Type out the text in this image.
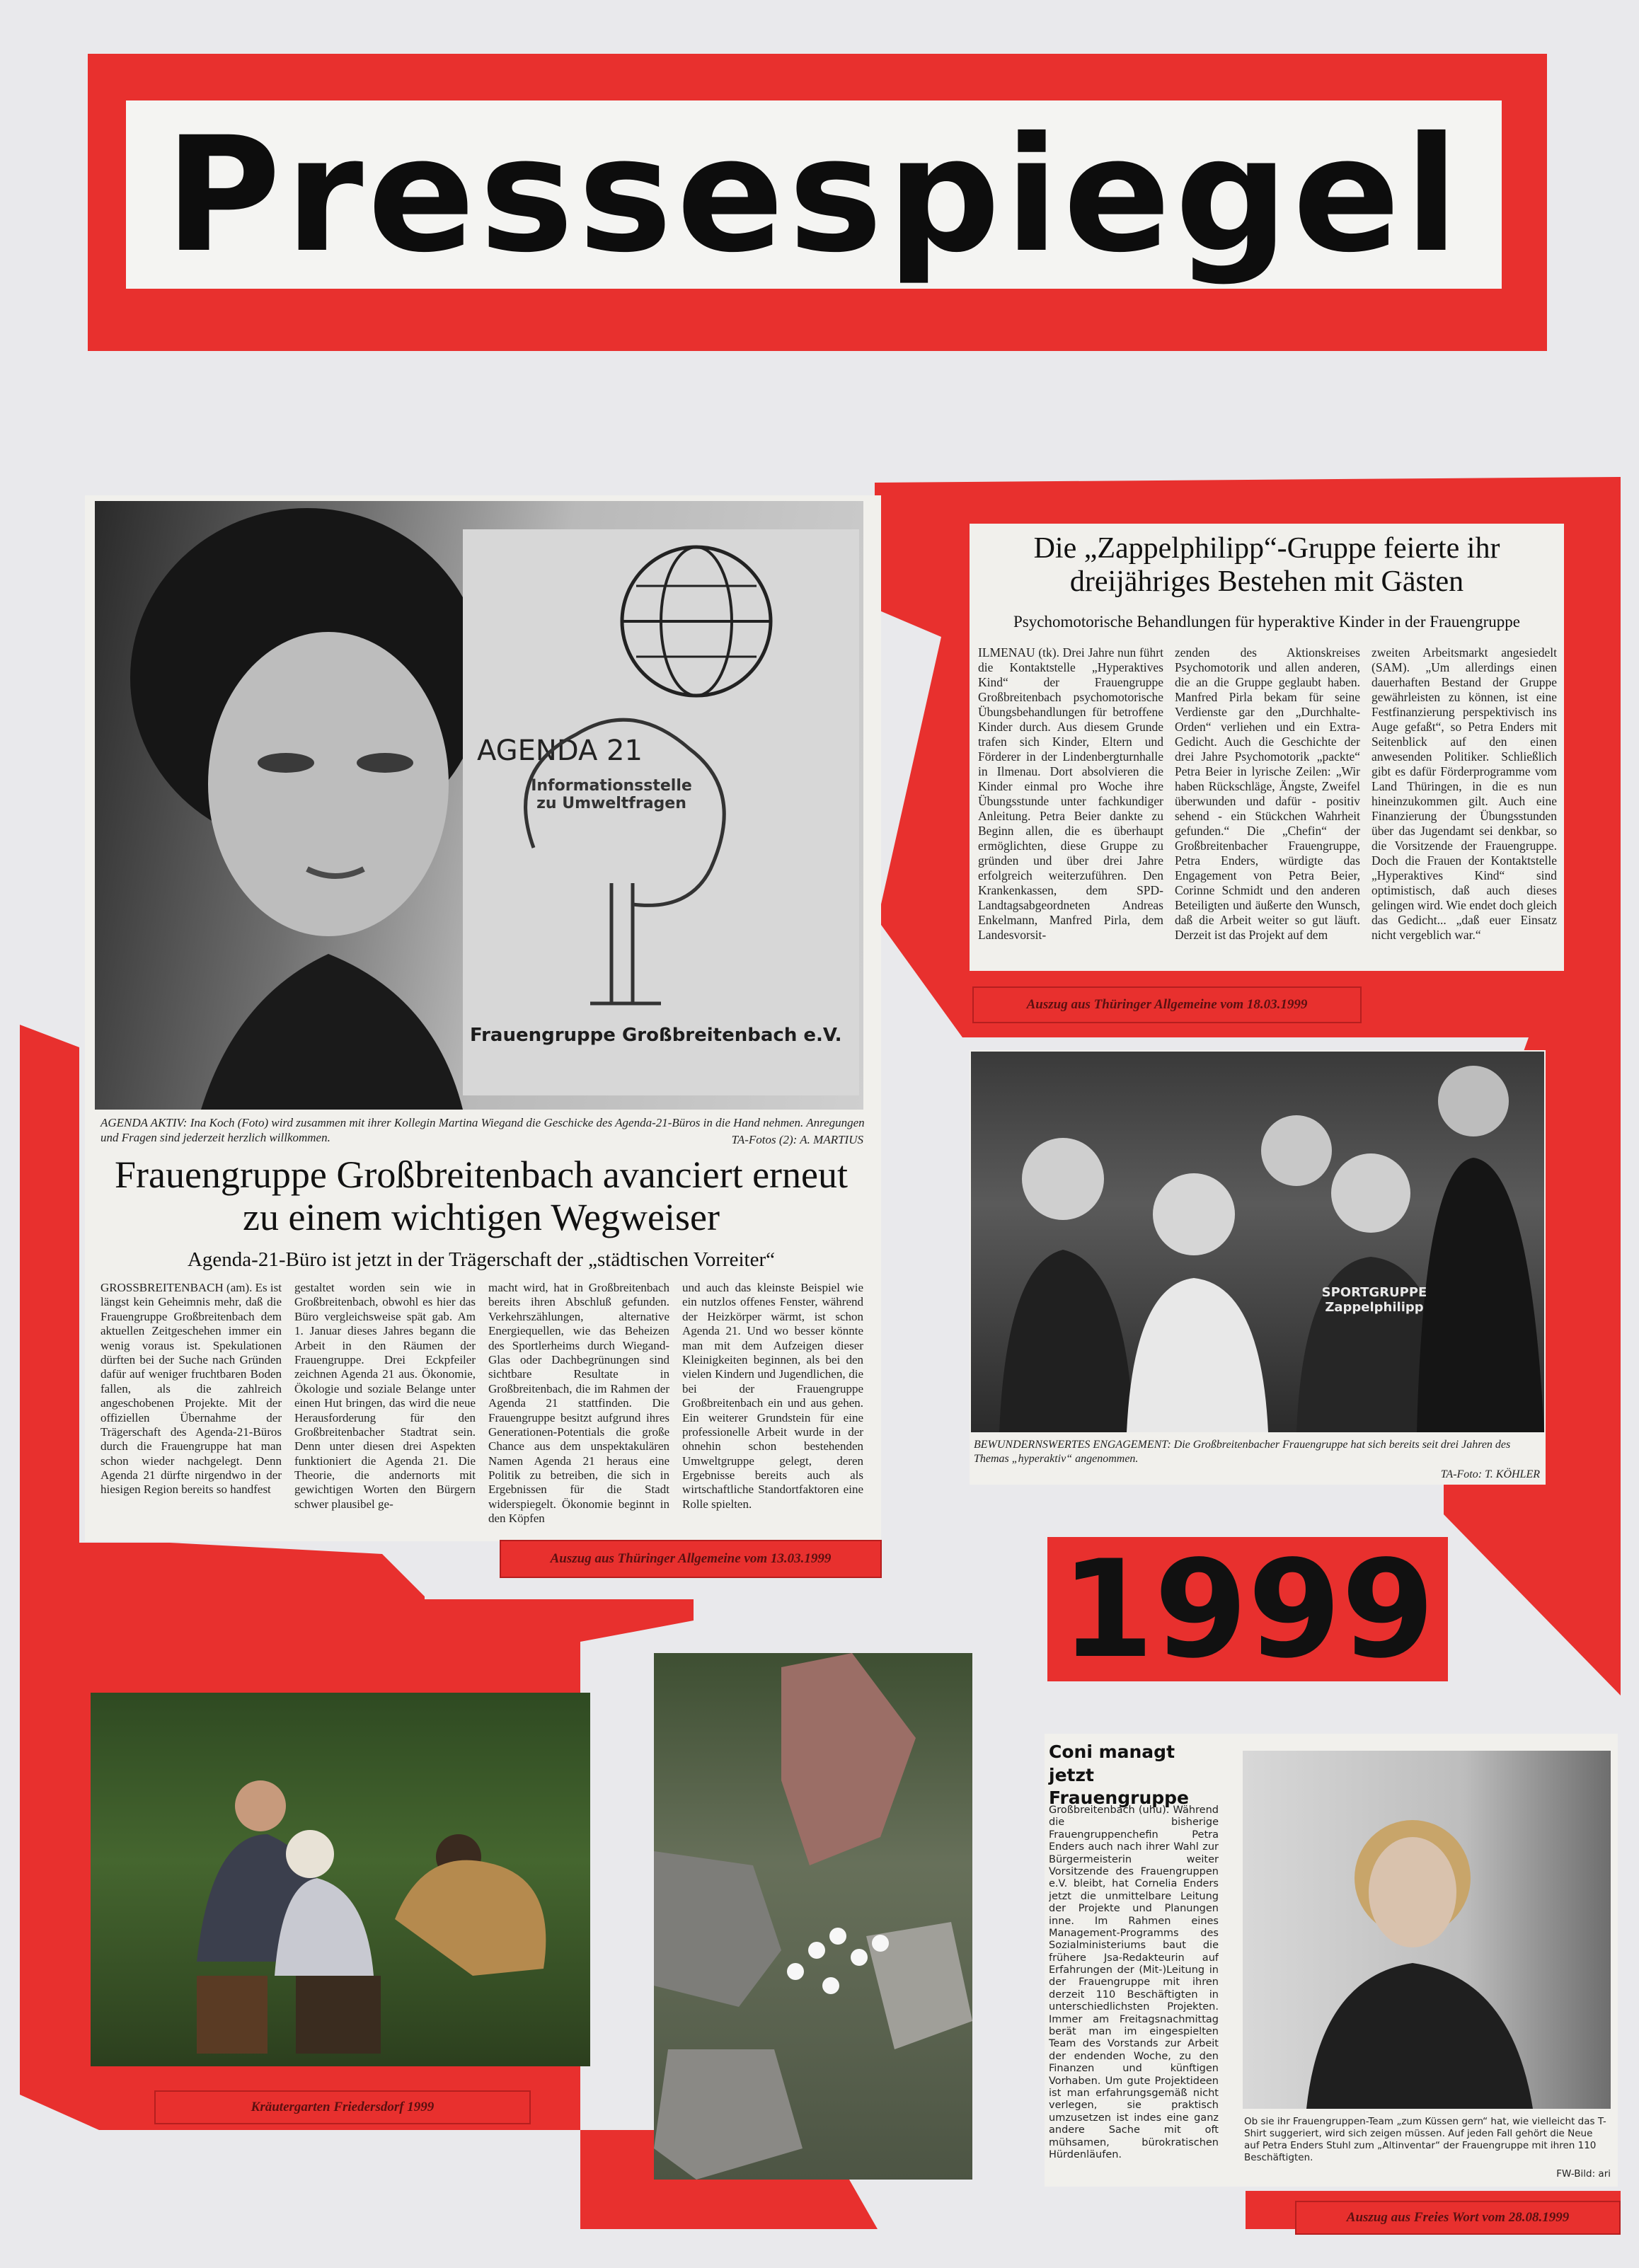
Pressespiegel
AGENDA 21
Informationsstelle zu Umweltfragen
Frauengruppe Großbreitenbach e.V.
AGENDA AKTIV: Ina Koch (Foto) wird zusammen mit ihrer Kollegin Martina Wiegand die Geschicke des Agenda-21-Büros in die Hand nehmen. Anregungen und Fragen sind jederzeit herzlich willkommen.	TA-Fotos (2): A. MARTIUS
Frauengruppe Großbreitenbach avanciert erneut zu einem wichtigen Wegweiser
Agenda-21-Büro ist jetzt in der Trägerschaft der „städtischen Vorreiter“
GROSSBREITENBACH (am). Es ist längst kein Geheimnis mehr, daß die Frauengruppe Großbreitenbach dem aktuellen Zeitgeschehen immer ein wenig voraus ist. Spekulationen dürften bei der Suche nach Gründen dafür auf weniger fruchtbaren Boden fallen, als die zahlreich angeschobenen Projekte. Mit der offiziellen Übernahme der Trägerschaft des Agenda-21-Büros durch die Frauengruppe hat man schon wieder nachgelegt. Denn Agenda 21 dürfte nirgendwo in der hiesigen Region bereits so handfest
gestaltet worden sein wie in Großbreitenbach, obwohl es hier das Büro vergleichsweise spät gab. Am 1. Januar dieses Jahres begann die Arbeit in den Räumen der Frauengruppe. Drei Eckpfeiler zeichnen Agenda 21 aus. Ökonomie, Ökologie und soziale Belange unter einen Hut bringen, das wird die neue Herausforderung für den Großbreitenbacher Stadtrat sein. Denn unter diesen drei Aspekten funktioniert die Agenda 21. Die Theorie, die andernorts mit gewichtigen Worten den Bürgern schwer plausibel ge-
macht wird, hat in Großbreitenbach bereits ihren Abschluß gefunden. Verkehrszählungen, alternative Energiequellen, wie das Beheizen des Sportlerheims durch Wiegand-Glas oder Dachbegrünungen sind sichtbare Resultate in Großbreitenbach, die im Rahmen der Agenda 21 stattfinden. Die Frauengruppe besitzt aufgrund ihres Generationen-Potentials die große Chance aus dem unspektakulären Namen Agenda 21 heraus eine Politik zu betreiben, die sich in Ergebnissen für die Stadt widerspiegelt. Ökonomie beginnt in den Köpfen
und auch das kleinste Beispiel wie ein nutzlos offenes Fenster, während der Heizkörper wärmt, ist schon Agenda 21. Und wo besser könnte man mit dem Aufzeigen dieser Kleinigkeiten beginnen, als bei den vielen Kindern und Jugendlichen, die bei der Frauengruppe Großbreitenbach ein und aus gehen. Ein weiterer Grundstein für eine professionelle Arbeit wurde in der ohnehin schon bestehenden Umweltgruppe gelegt, deren Ergebnisse bereits auch als wirtschaftliche Standortfaktoren eine Rolle spielten.
Auszug aus Thüringer Allgemeine vom 13.03.1999
Die „Zappelphilipp“-Gruppe feierte ihr dreijähriges Bestehen mit Gästen
Psychomotorische Behandlungen für hyperaktive Kinder in der Frauengruppe
ILMENAU (tk). Drei Jahre nun führt die Kontaktstelle „Hyperaktives Kind“ der Frauengruppe Großbreitenbach psychomotorische Übungsbehandlungen für betroffene Kinder durch. Aus diesem Grunde trafen sich Kinder, Eltern und Förderer in der Lindenbergturnhalle in Ilmenau. Dort absolvieren die Kinder einmal pro Woche ihre Übungsstunde unter fachkundiger Anleitung. Petra Beier dankte zu Beginn allen, die es überhaupt ermöglichten, diese Gruppe zu gründen und über drei Jahre erfolgreich weiterzuführen. Den Krankenkassen, dem SPD-Landtagsabgeordneten Andreas Enkelmann, Manfred Pirla, dem Landesvorsit-
zenden des Aktionskreises Psychomotorik und allen anderen, die an die Gruppe geglaubt haben. Manfred Pirla bekam für seine Verdienste gar den „Durchhalte-Orden“ verliehen und ein Extra-Gedicht. Auch die Geschichte der drei Jahre Psychomotorik „packte“ Petra Beier in lyrische Zeilen: „Wir haben Rückschläge, Ängste, Zweifel überwunden und dafür - positiv sehend - ein Stückchen Wahrheit gefunden.“ Die „Chefin“ der Großbreitenbacher Frauengruppe, Petra Enders, würdigte das Engagement von Petra Beier, Corinne Schmidt und den anderen Beteiligten und äußerte den Wunsch, daß die Arbeit weiter so gut läuft. Derzeit ist das Projekt auf dem
zweiten Arbeitsmarkt angesiedelt (SAM). „Um allerdings einen dauerhaften Bestand der Gruppe gewährleisten zu können, ist eine Festfinanzierung perspektivisch ins Auge gefaßt“, so Petra Enders mit Seitenblick auf den einen anwesenden Politiker. Schließlich gibt es dafür Förderprogramme vom Land Thüringen, in die es nun hineinzukommen gilt. Auch eine Finanzierung der Übungsstunden über das Jugendamt sei denkbar, so die Vorsitzende der Frauengruppe. Doch die Frauen der Kontaktstelle „Hyperaktives Kind“ sind optimistisch, daß auch dieses gelingen wird. Wie endet doch gleich das Gedicht... „daß euer Einsatz nicht vergeblich war.“
Auszug aus Thüringer Allgemeine vom 18.03.1999
SPORTGRUPPE Zappelphilipp
BEWUNDERNSWERTES ENGAGEMENT: Die Großbreitenbacher Frauengruppe hat sich bereits seit drei Jahren des Themas „hyperaktiv“ angenommen.
TA-Foto: T. KÖHLER
1999
Kräutergarten Friedersdorf 1999
Coni managt jetzt Frauengruppe
Großbreitenbach (uhu). Während die bisherige Frauengruppenchefin Petra Enders auch nach ihrer Wahl zur Bürgermeisterin weiter Vorsitzende des Frauengruppen e.V. bleibt, hat Cornelia Enders jetzt die unmittelbare Leitung der Projekte und Planungen inne. Im Rahmen eines Management-Programms des Sozialministeriums baut die frühere Jsa-Redakteurin auf Erfahrungen der (Mit-)Leitung in der Frauengruppe mit ihren derzeit 110 Beschäftigten in unterschiedlichsten Projekten. Immer am Freitagsnachmittag berät man im eingespielten Team des Vorstands zur Arbeit der endenden Woche, zu den Finanzen und künftigen Vorhaben. Um gute Projektideen ist man erfahrungsgemäß nicht verlegen, sie praktisch umzusetzen ist indes eine ganz andere Sache mit oft mühsamen, bürokratischen Hürdenläufen.
Ob sie ihr Frauengruppen-Team „zum Küssen gern“ hat, wie vielleicht das T-Shirt suggeriert, wird sich zeigen müssen. Auf jeden Fall gehört die Neue auf Petra Enders Stuhl zum „Altinventar“ der Frauengruppe mit ihren 110 Beschäftigten.
FW-Bild: ari
Auszug aus Freies Wort vom 28.08.1999
